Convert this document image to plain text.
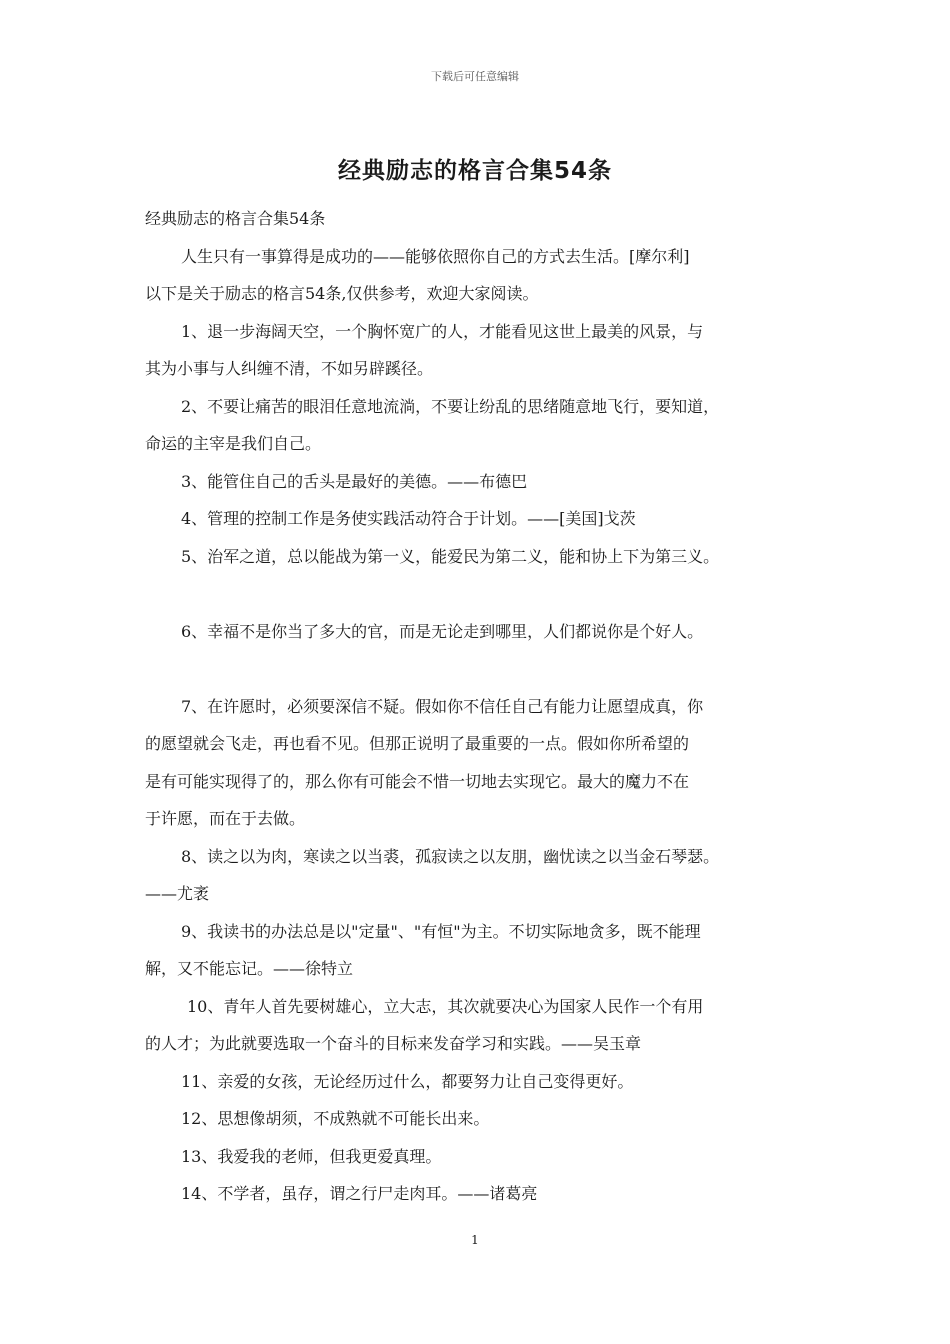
下载后可任意编辑
经典励志的格言合集54条
经典励志的格言合集54条
人生只有一事算得是成功的——能够依照你自己的方式去生活。[摩尔利]
以下是关于励志的格言54条,仅供参考，欢迎大家阅读。
1、退一步海阔天空，一个胸怀宽广的人，才能看见这世上最美的风景，与
其为小事与人纠缠不清，不如另辟蹊径。
2、不要让痛苦的眼泪任意地流淌，不要让纷乱的思绪随意地飞行，要知道，
命运的主宰是我们自己。
3、能管住自己的舌头是最好的美德。——布德巴
4、管理的控制工作是务使实践活动符合于计划。——[美国]戈茨
5、治军之道，总以能战为第一义，能爱民为第二义，能和协上下为第三义。
6、幸福不是你当了多大的官，而是无论走到哪里，人们都说你是个好人。
7、在许愿时，必须要深信不疑。假如你不信任自己有能力让愿望成真，你
的愿望就会飞走，再也看不见。但那正说明了最重要的一点。假如你所希望的
是有可能实现得了的，那么你有可能会不惜一切地去实现它。最大的魔力不在
于许愿，而在于去做。
8、读之以为肉，寒读之以当裘，孤寂读之以友朋，幽忧读之以当金石琴瑟。
——尤袤
9、我读书的办法总是以"定量"、"有恒"为主。不切实际地贪多，既不能理
解，又不能忘记。——徐特立
10、青年人首先要树雄心，立大志，其次就要决心为国家人民作一个有用
的人才；为此就要选取一个奋斗的目标来发奋学习和实践。——吴玉章
11、亲爱的女孩，无论经历过什么，都要努力让自己变得更好。
12、思想像胡须，不成熟就不可能长出来。
13、我爱我的老师，但我更爱真理。
14、不学者，虽存，谓之行尸走肉耳。——诸葛亮
1
